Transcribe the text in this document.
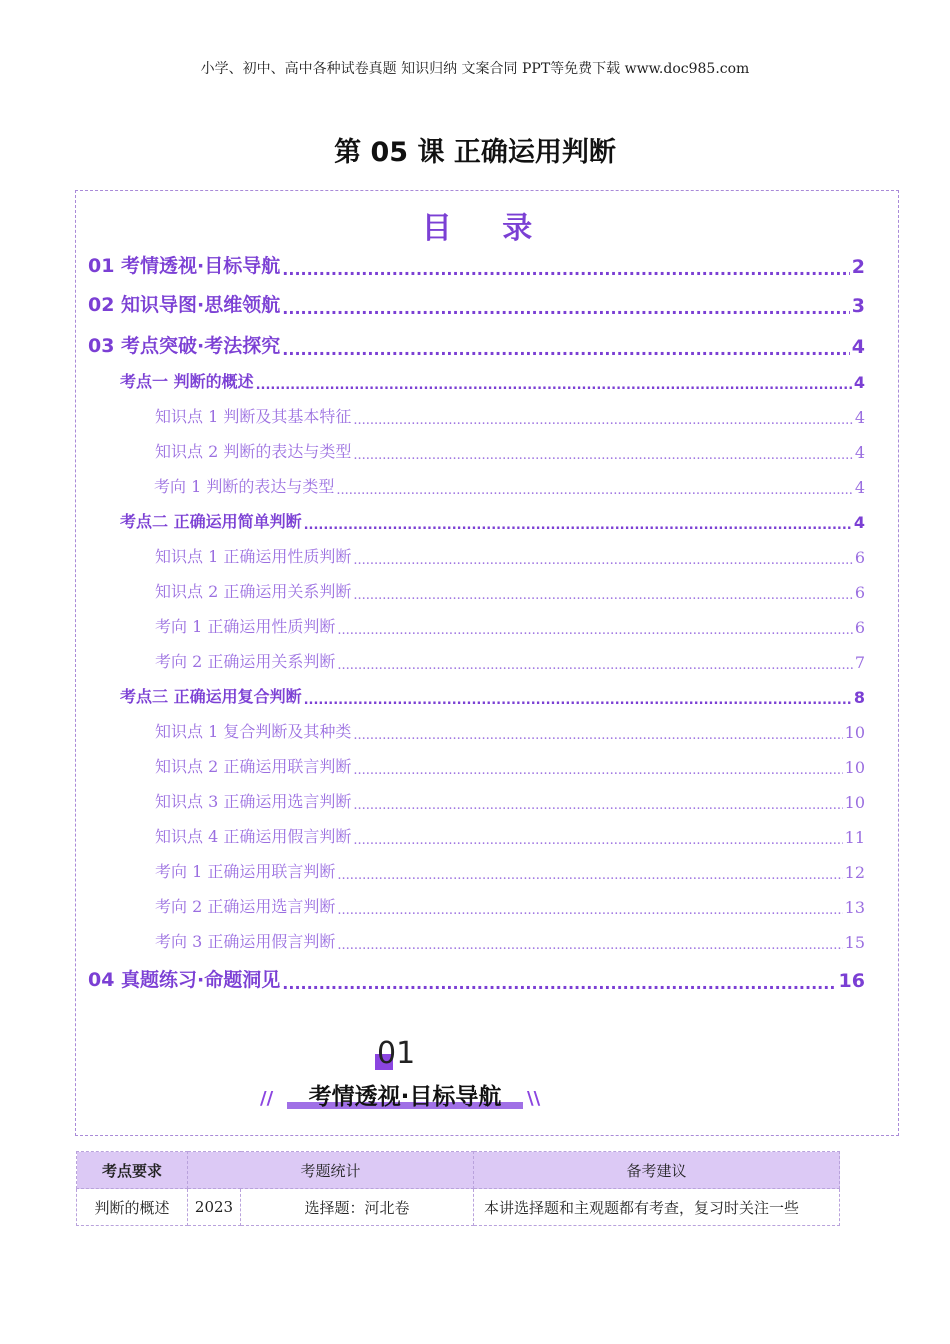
小学、初中、高中各种试卷真题 知识归纳 文案合同 PPT等免费下载 www.doc985.com
第 05 课 正确运用判断
目 录
01 考情透视·目标导航 .....	2
02 知识导图·思维领航 .....	3
03 考点突破·考法探究 .....	4
考点一 判断的概述 .....	4
知识点 1 判断及其基本特征 .....	4
知识点 2 判断的表达与类型 .....	4
考向 1 判断的表达与类型 .....	4
考点二 正确运用简单判断 .....	4
知识点 1 正确运用性质判断 .....	6
知识点 2 正确运用关系判断 .....	6
考向 1 正确运用性质判断 .....	6
考向 2 正确运用关系判断 .....	7
考点三 正确运用复合判断 .....	8
知识点 1 复合判断及其种类 .....	10
知识点 2 正确运用联言判断 .....	10
知识点 3 正确运用选言判断 .....	10
知识点 4 正确运用假言判断 .....	11
考向 1 正确运用联言判断 .....	12
考向 2 正确运用选言判断 .....	13
考向 3 正确运用假言判断 .....	15
04 真题练习·命题洞见 .....	16
01
//	考情透视·目标导航	\\
考点要求	考题统计		备考建议
判断的概述	2023	选择题：河北卷	本讲选择题和主观题都有考查，复习时关注一些
